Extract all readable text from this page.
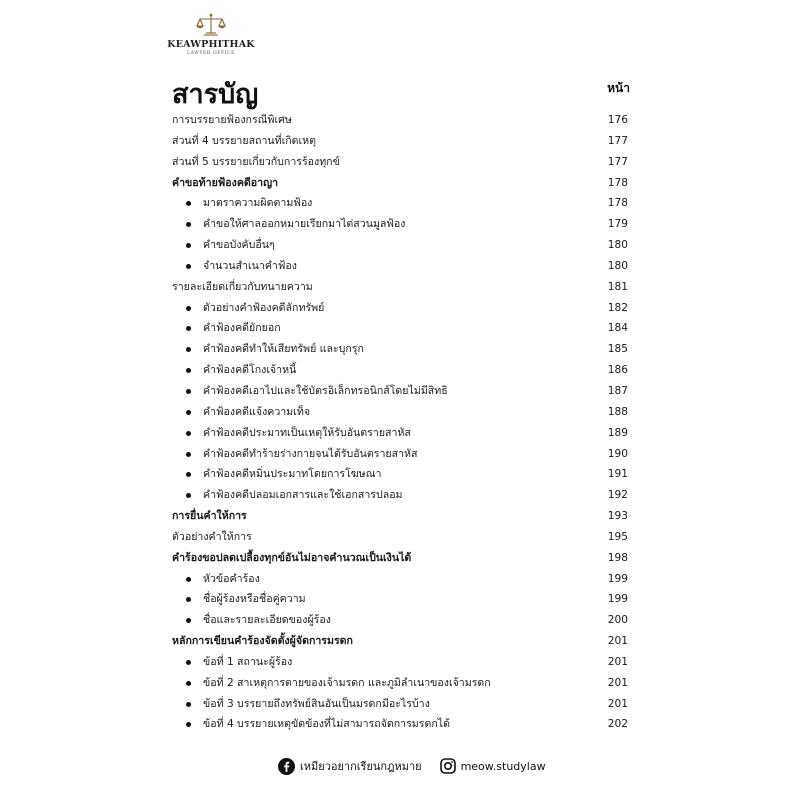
KEAWPHITHAK
LAWYER OFFICE
สารบัญ	หน้า
การบรรยายฟ้องกรณีพิเศษ	176
ส่วนที่ 4 บรรยายสถานที่เกิดเหตุ	177
ส่วนที่ 5 บรรยายเกี่ยวกับการร้องทุกข์	177
คำขอท้ายฟ้องคดีอาญา	178
มาตราความผิดตามฟ้อง	178
คำขอให้ศาลออกหมายเรียกมาไต่สวนมูลฟ้อง	179
คำขอบังคับอื่นๆ	180
จำนวนสำเนาคำฟ้อง	180
รายละเอียดเกี่ยวกับทนายความ	181
ตัวอย่างคำฟ้องคดีลักทรัพย์	182
คำฟ้องคดียักยอก	184
คำฟ้องคดีทำให้เสียทรัพย์ และบุกรุก	185
คำฟ้องคดีโกงเจ้าหนี้	186
คำฟ้องคดีเอาไปและใช้บัตรอิเล็กทรอนิกส์โดยไม่มีสิทธิ	187
คำฟ้องคดีแจ้งความเท็จ	188
คำฟ้องคดีประมาทเป็นเหตุให้รับอันตรายสาหัส	189
คำฟ้องคดีทำร้ายร่างกายจนได้รับอันตรายสาหัส	190
คำฟ้องคดีหมิ่นประมาทโดยการโฆษณา	191
คำฟ้องคดีปลอมเอกสารและใช้เอกสารปลอม	192
การยื่นคำให้การ	193
ตัวอย่างคำให้การ	195
คำร้องขอปลดเปลื้องทุกข์อันไม่อาจคำนวณเป็นเงินได้	198
หัวข้อคำร้อง	199
ชื่อผู้ร้องหรือชื่อคู่ความ	199
ชื่อและรายละเอียดของผู้ร้อง	200
หลักการเขียนคำร้องจัดตั้งผู้จัดการมรดก	201
ข้อที่ 1 สถานะผู้ร้อง	201
ข้อที่ 2 สาเหตุการตายของเจ้ามรดก และภูมิลำเนาของเจ้ามรดก	201
ข้อที่ 3 บรรยายถึงทรัพย์สินอันเป็นมรดกมีอะไรบ้าง	201
ข้อที่ 4 บรรยายเหตุขัดข้องที่ไม่สามารถจัดการมรดกได้	202
เหมียวอยากเรียนกฎหมาย	meow.studylaw
